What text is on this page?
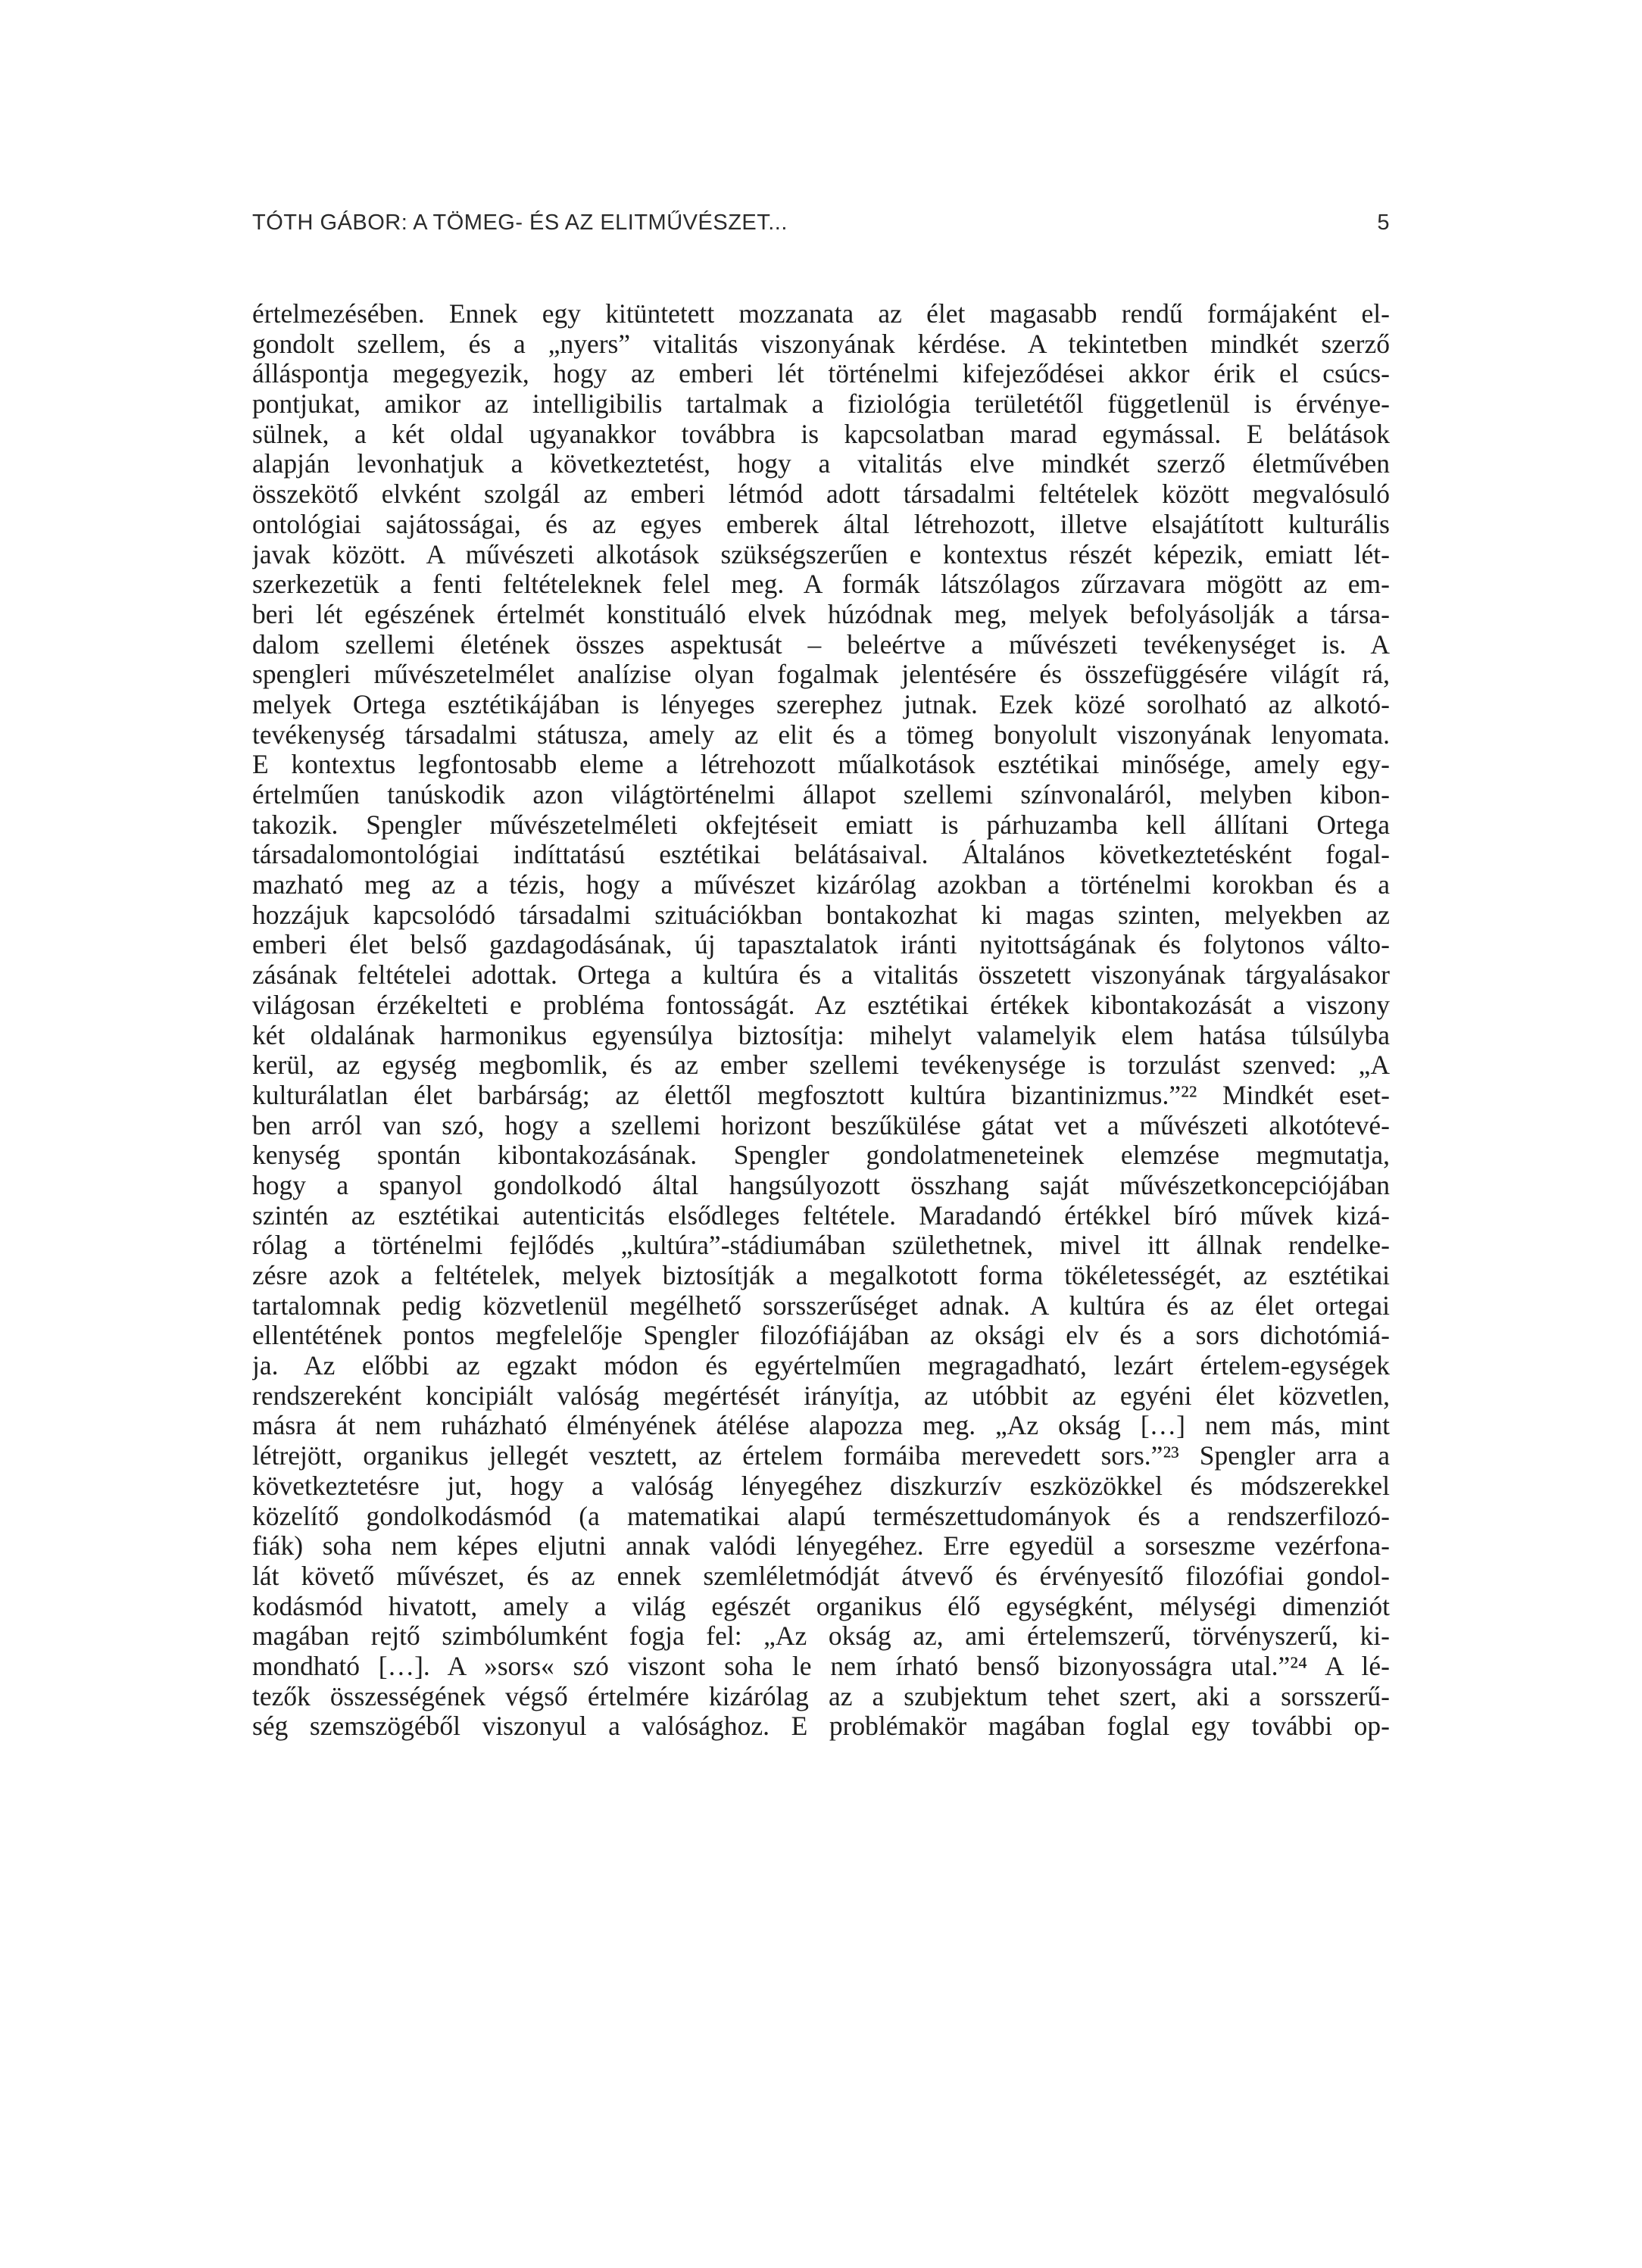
TÓTH GÁBOR: A TÖMEG- ÉS AZ ELITMŰVÉSZET...	5
értelmezésében. Ennek egy kitüntetett mozzanata az élet magasabb rendű formájaként el-
gondolt szellem, és a „nyers” vitalitás viszonyának kérdése. A tekintetben mindkét szerző
álláspontja megegyezik, hogy az emberi lét történelmi kifejeződései akkor érik el csúcs-
pontjukat, amikor az intelligibilis tartalmak a fiziológia területétől függetlenül is érvénye-
sülnek, a két oldal ugyanakkor továbbra is kapcsolatban marad egymással. E belátások
alapján levonhatjuk a következtetést, hogy a vitalitás elve mindkét szerző életművében
összekötő elvként szolgál az emberi létmód adott társadalmi feltételek között megvalósuló
ontológiai sajátosságai, és az egyes emberek által létrehozott, illetve elsajátított kulturális
javak között. A művészeti alkotások szükségszerűen e kontextus részét képezik, emiatt lét-
szerkezetük a fenti feltételeknek felel meg. A formák látszólagos zűrzavara mögött az em-
beri lét egészének értelmét konstituáló elvek húzódnak meg, melyek befolyásolják a társa-
dalom szellemi életének összes aspektusát – beleértve a művészeti tevékenységet is. A
spengleri művészetelmélet analízise olyan fogalmak jelentésére és összefüggésére világít rá,
melyek Ortega esztétikájában is lényeges szerephez jutnak. Ezek közé sorolható az alkotó-
tevékenység társadalmi státusza, amely az elit és a tömeg bonyolult viszonyának lenyomata.
E kontextus legfontosabb eleme a létrehozott műalkotások esztétikai minősége, amely egy-
értelműen tanúskodik azon világtörténelmi állapot szellemi színvonaláról, melyben kibon-
takozik. Spengler művészetelméleti okfejtéseit emiatt is párhuzamba kell állítani Ortega
társadalomontológiai indíttatású esztétikai belátásaival. Általános következtetésként fogal-
mazható meg az a tézis, hogy a művészet kizárólag azokban a történelmi korokban és a
hozzájuk kapcsolódó társadalmi szituációkban bontakozhat ki magas szinten, melyekben az
emberi élet belső gazdagodásának, új tapasztalatok iránti nyitottságának és folytonos válto-
zásának feltételei adottak. Ortega a kultúra és a vitalitás összetett viszonyának tárgyalásakor
világosan érzékelteti e probléma fontosságát. Az esztétikai értékek kibontakozását a viszony
két oldalának harmonikus egyensúlya biztosítja: mihelyt valamelyik elem hatása túlsúlyba
kerül, az egység megbomlik, és az ember szellemi tevékenysége is torzulást szenved: „A
kulturálatlan élet barbárság; az élettől megfosztott kultúra bizantinizmus.”²² Mindkét eset-
ben arról van szó, hogy a szellemi horizont beszűkülése gátat vet a művészeti alkotótevé-
kenység spontán kibontakozásának. Spengler gondolatmeneteinek elemzése megmutatja,
hogy a spanyol gondolkodó által hangsúlyozott összhang saját művészetkoncepciójában
szintén az esztétikai autenticitás elsődleges feltétele. Maradandó értékkel bíró művek kizá-
rólag a történelmi fejlődés „kultúra”-stádiumában születhetnek, mivel itt állnak rendelke-
zésre azok a feltételek, melyek biztosítják a megalkotott forma tökéletességét, az esztétikai
tartalomnak pedig közvetlenül megélhető sorsszerűséget adnak. A kultúra és az élet ortegai
ellentétének pontos megfelelője Spengler filozófiájában az oksági elv és a sors dichotómiá-
ja. Az előbbi az egzakt módon és egyértelműen megragadható, lezárt értelem-egységek
rendszereként koncipiált valóság megértését irányítja, az utóbbit az egyéni élet közvetlen,
másra át nem ruházható élményének átélése alapozza meg. „Az okság […] nem más, mint
létrejött, organikus jellegét vesztett, az értelem formáiba merevedett sors.”²³ Spengler arra a
következtetésre jut, hogy a valóság lényegéhez diszkurzív eszközökkel és módszerekkel
közelítő gondolkodásmód (a matematikai alapú természettudományok és a rendszerfilozó-
fiák) soha nem képes eljutni annak valódi lényegéhez. Erre egyedül a sorseszme vezérfona-
lát követő művészet, és az ennek szemléletmódját átvevő és érvényesítő filozófiai gondol-
kodásmód hivatott, amely a világ egészét organikus élő egységként, mélységi dimenziót
magában rejtő szimbólumként fogja fel: „Az okság az, ami értelemszerű, törvényszerű, ki-
mondható […]. A »sors« szó viszont soha le nem írható benső bizonyosságra utal.”²⁴ A lé-
tezők összességének végső értelmére kizárólag az a szubjektum tehet szert, aki a sorsszerű-
ség szemszögéből viszonyul a valósághoz. E problémakör magában foglal egy további op-
